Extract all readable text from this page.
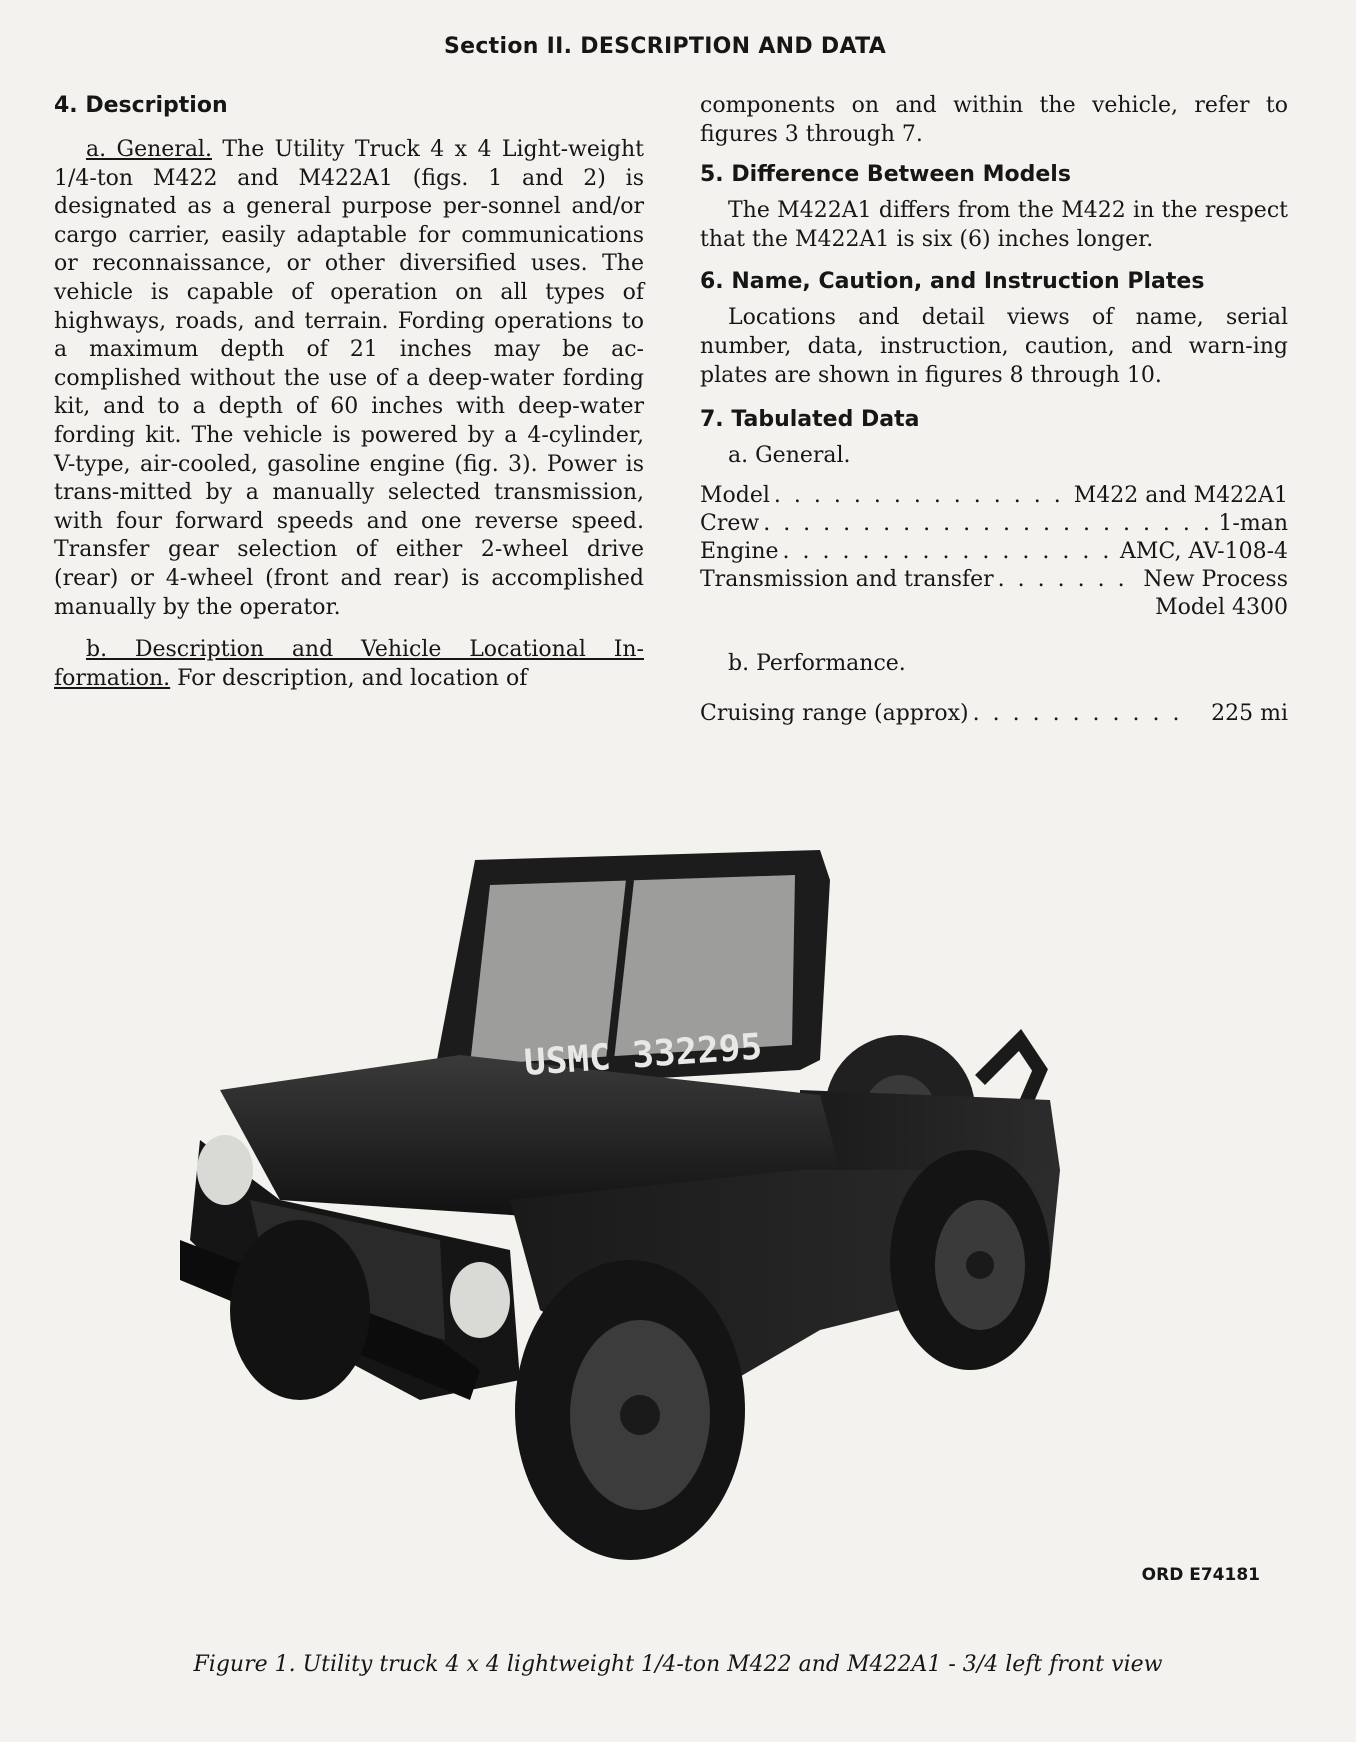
Section II. DESCRIPTION AND DATA

4. Description

a. General. The Utility Truck 4 x 4 Light-weight 1/4-ton M422 and M422A1 (figs. 1 and 2) is designated as a general purpose per-sonnel and/or cargo carrier, easily adaptable for communications or reconnaissance, or other diversified uses. The vehicle is capable of operation on all types of highways, roads, and terrain. Fording operations to a maximum depth of 21 inches may be ac-complished without the use of a deep-water fording kit, and to a depth of 60 inches with deep-water fording kit. The vehicle is powered by a 4-cylinder, V-type, air-cooled, gasoline engine (fig. 3). Power is trans-mitted by a manually selected transmission, with four forward speeds and one reverse speed. Transfer gear selection of either 2-wheel drive (rear) or 4-wheel (front and rear) is accomplished manually by the operator.

b. Description and Vehicle Locational In-formation. For description, and location of

components on and within the vehicle, refer to figures 3 through 7.

5. Difference Between Models

The M422A1 differs from the M422 in the respect that the M422A1 is six (6) inches longer.

6. Name, Caution, and Instruction Plates

Locations and detail views of name, serial number, data, instruction, caution, and warn-ing plates are shown in figures 8 through 10.

7. Tabulated Data

a. General.

Model . . .	M422 and M422A1
Crew . . .	1-man
Engine . . .	AMC, AV-108-4
Transmission and transfer . . .	New Process
Model 4300

b. Performance.

Cruising range (approx) . . .	225 mi
USMC 332295
ORD E74181
Figure 1. Utility truck 4 x 4 lightweight 1/4-ton M422 and M422A1 - 3/4 left front view
